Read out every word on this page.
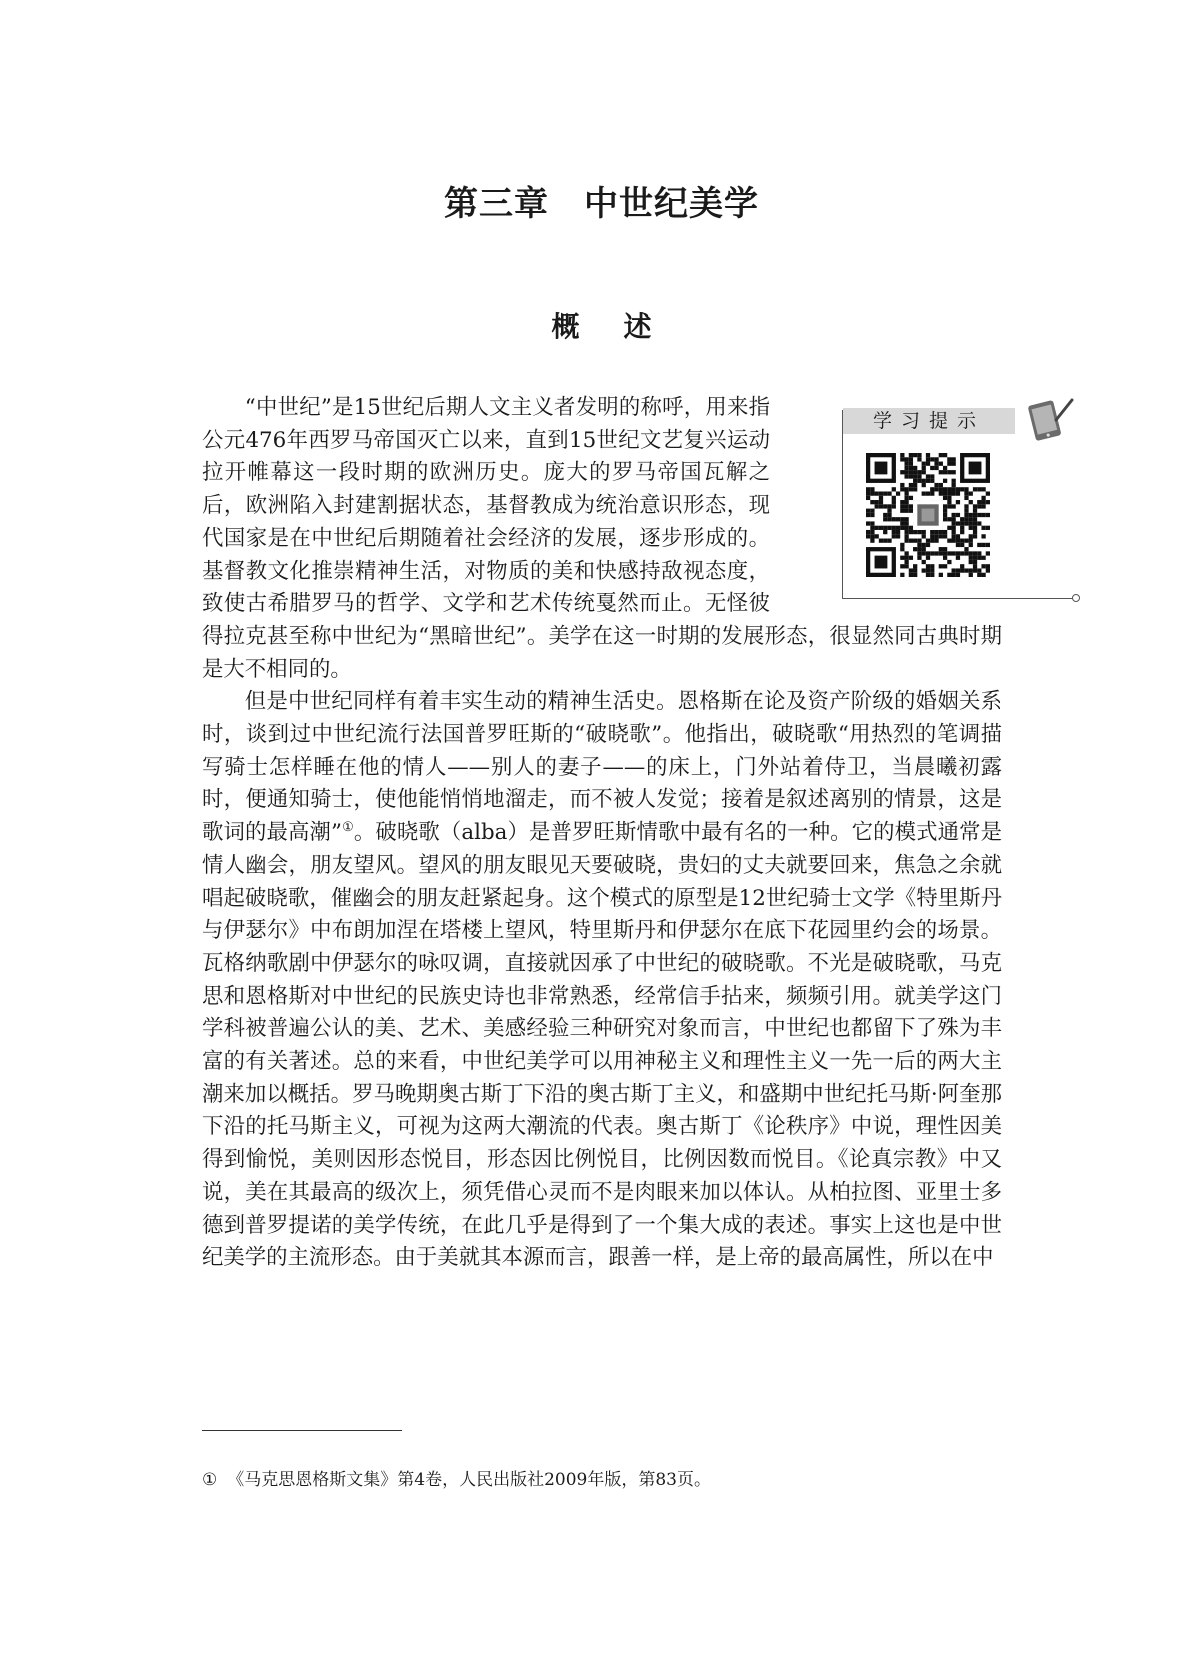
第三章　中世纪美学
概 述
学习提示

“中世纪”是15世纪后期人文主义者发明的称呼，用来指公元476年西罗马帝国灭亡以来，直到15世纪文艺复兴运动拉开帷幕这一段时期的欧洲历史。庞大的罗马帝国瓦解之后，欧洲陷入封建割据状态，基督教成为统治意识形态，现代国家是在中世纪后期随着社会经济的发展，逐步形成的。基督教文化推崇精神生活，对物质的美和快感持敌视态度，致使古希腊罗马的哲学、文学和艺术传统戛然而止。无怪彼得拉克甚至称中世纪为“黑暗世纪”。美学在这一时期的发展形态，很显然同古典时期是大不相同的。

但是中世纪同样有着丰实生动的精神生活史。恩格斯在论及资产阶级的婚姻关系时，谈到过中世纪流行法国普罗旺斯的“破晓歌”。他指出，破晓歌“用热烈的笔调描写骑士怎样睡在他的情人——别人的妻子——的床上，门外站着侍卫，当晨曦初露时，便通知骑士，使他能悄悄地溜走，而不被人发觉；接着是叙述离别的情景，这是歌词的最高潮”①。破晓歌（alba）是普罗旺斯情歌中最有名的一种。它的模式通常是情人幽会，朋友望风。望风的朋友眼见天要破晓，贵妇的丈夫就要回来，焦急之余就唱起破晓歌，催幽会的朋友赶紧起身。这个模式的原型是12世纪骑士文学《特里斯丹与伊瑟尔》中布朗加涅在塔楼上望风，特里斯丹和伊瑟尔在底下花园里约会的场景。瓦格纳歌剧中伊瑟尔的咏叹调，直接就因承了中世纪的破晓歌。不光是破晓歌，马克思和恩格斯对中世纪的民族史诗也非常熟悉，经常信手拈来，频频引用。就美学这门学科被普遍公认的美、艺术、美感经验三种研究对象而言，中世纪也都留下了殊为丰富的有关著述。总的来看，中世纪美学可以用神秘主义和理性主义一先一后的两大主潮来加以概括。罗马晚期奥古斯丁下沿的奥古斯丁主义，和盛期中世纪托马斯·阿奎那下沿的托马斯主义，可视为这两大潮流的代表。奥古斯丁《论秩序》中说，理性因美得到愉悦，美则因形态悦目，形态因比例悦目，比例因数而悦目。《论真宗教》中又说，美在其最高的级次上，须凭借心灵而不是肉眼来加以体认。从柏拉图、亚里士多德到普罗提诺的美学传统，在此几乎是得到了一个集大成的表述。事实上这也是中世纪美学的主流形态。由于美就其本源而言，跟善一样，是上帝的最高属性，所以在中

① 《马克思恩格斯文集》第4卷，人民出版社2009年版，第83页。
